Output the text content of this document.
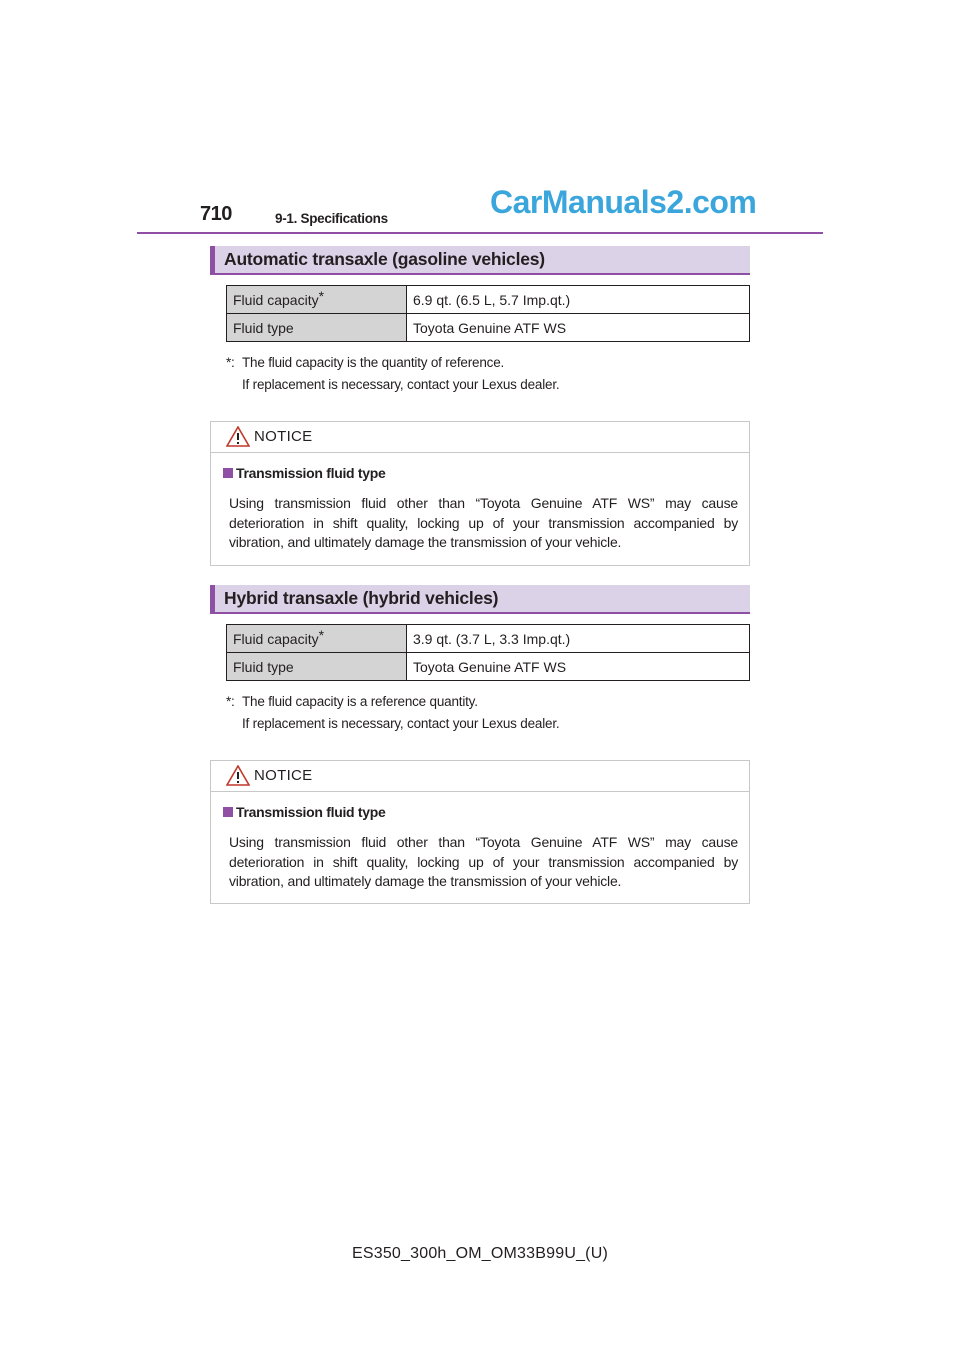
710	9-1. Specifications	CarManuals2.com
Automatic transaxle (gasoline vehicles)
Fluid capacity*	6.9 qt. (6.5 L, 5.7 Imp.qt.)
Fluid type	Toyota Genuine ATF WS
*: The fluid capacity is the quantity of reference.
If replacement is necessary, contact your Lexus dealer.
NOTICE
Transmission fluid type
Using transmission fluid other than “Toyota Genuine ATF WS” may cause deterioration in shift quality, locking up of your transmission accompanied by vibration, and ultimately damage the transmission of your vehicle.
Hybrid transaxle (hybrid vehicles)
Fluid capacity*	3.9 qt. (3.7 L, 3.3 Imp.qt.)
Fluid type	Toyota Genuine ATF WS
*: The fluid capacity is a reference quantity.
If replacement is necessary, contact your Lexus dealer.
NOTICE
Transmission fluid type
Using transmission fluid other than “Toyota Genuine ATF WS” may cause deterioration in shift quality, locking up of your transmission accompanied by vibration, and ultimately damage the transmission of your vehicle.
ES350_300h_OM_OM33B99U_(U)
